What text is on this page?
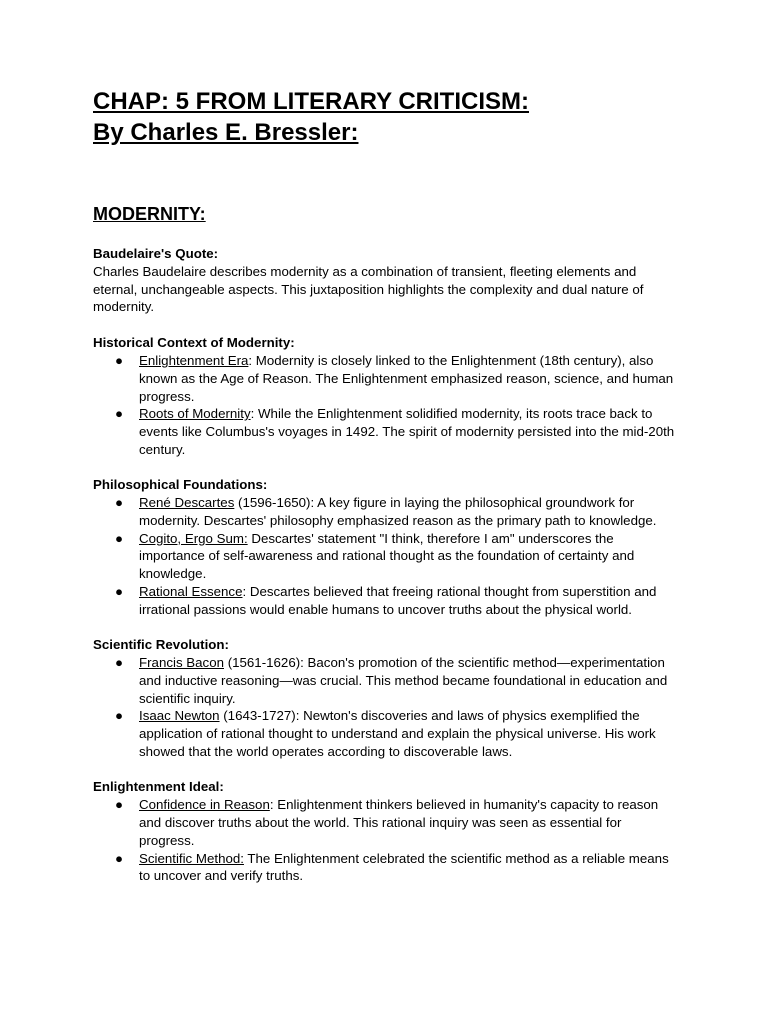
CHAP: 5 FROM LITERARY CRITICISM:

By Charles E. Bressler:

MODERNITY:

Baudelaire's Quote:

Charles Baudelaire describes modernity as a combination of transient, fleeting elements and eternal, unchangeable aspects. This juxtaposition highlights the complexity and dual nature of modernity.

Historical Context of Modernity:

● Enlightenment Era: Modernity is closely linked to the Enlightenment (18th century), also known as the Age of Reason. The Enlightenment emphasized reason, science, and human progress.
● Roots of Modernity: While the Enlightenment solidified modernity, its roots trace back to events like Columbus's voyages in 1492. The spirit of modernity persisted into the mid-20th century.

Philosophical Foundations:

● René Descartes (1596-1650): A key figure in laying the philosophical groundwork for modernity. Descartes' philosophy emphasized reason as the primary path to knowledge.
● Cogito, Ergo Sum: Descartes' statement "I think, therefore I am" underscores the importance of self-awareness and rational thought as the foundation of certainty and knowledge.
● Rational Essence: Descartes believed that freeing rational thought from superstition and irrational passions would enable humans to uncover truths about the physical world.

Scientific Revolution:

● Francis Bacon (1561-1626): Bacon's promotion of the scientific method—experimentation and inductive reasoning—was crucial. This method became foundational in education and scientific inquiry.
● Isaac Newton (1643-1727): Newton's discoveries and laws of physics exemplified the application of rational thought to understand and explain the physical universe. His work showed that the world operates according to discoverable laws.

Enlightenment Ideal:

● Confidence in Reason: Enlightenment thinkers believed in humanity's capacity to reason and discover truths about the world. This rational inquiry was seen as essential for progress.
● Scientific Method: The Enlightenment celebrated the scientific method as a reliable means to uncover and verify truths.
